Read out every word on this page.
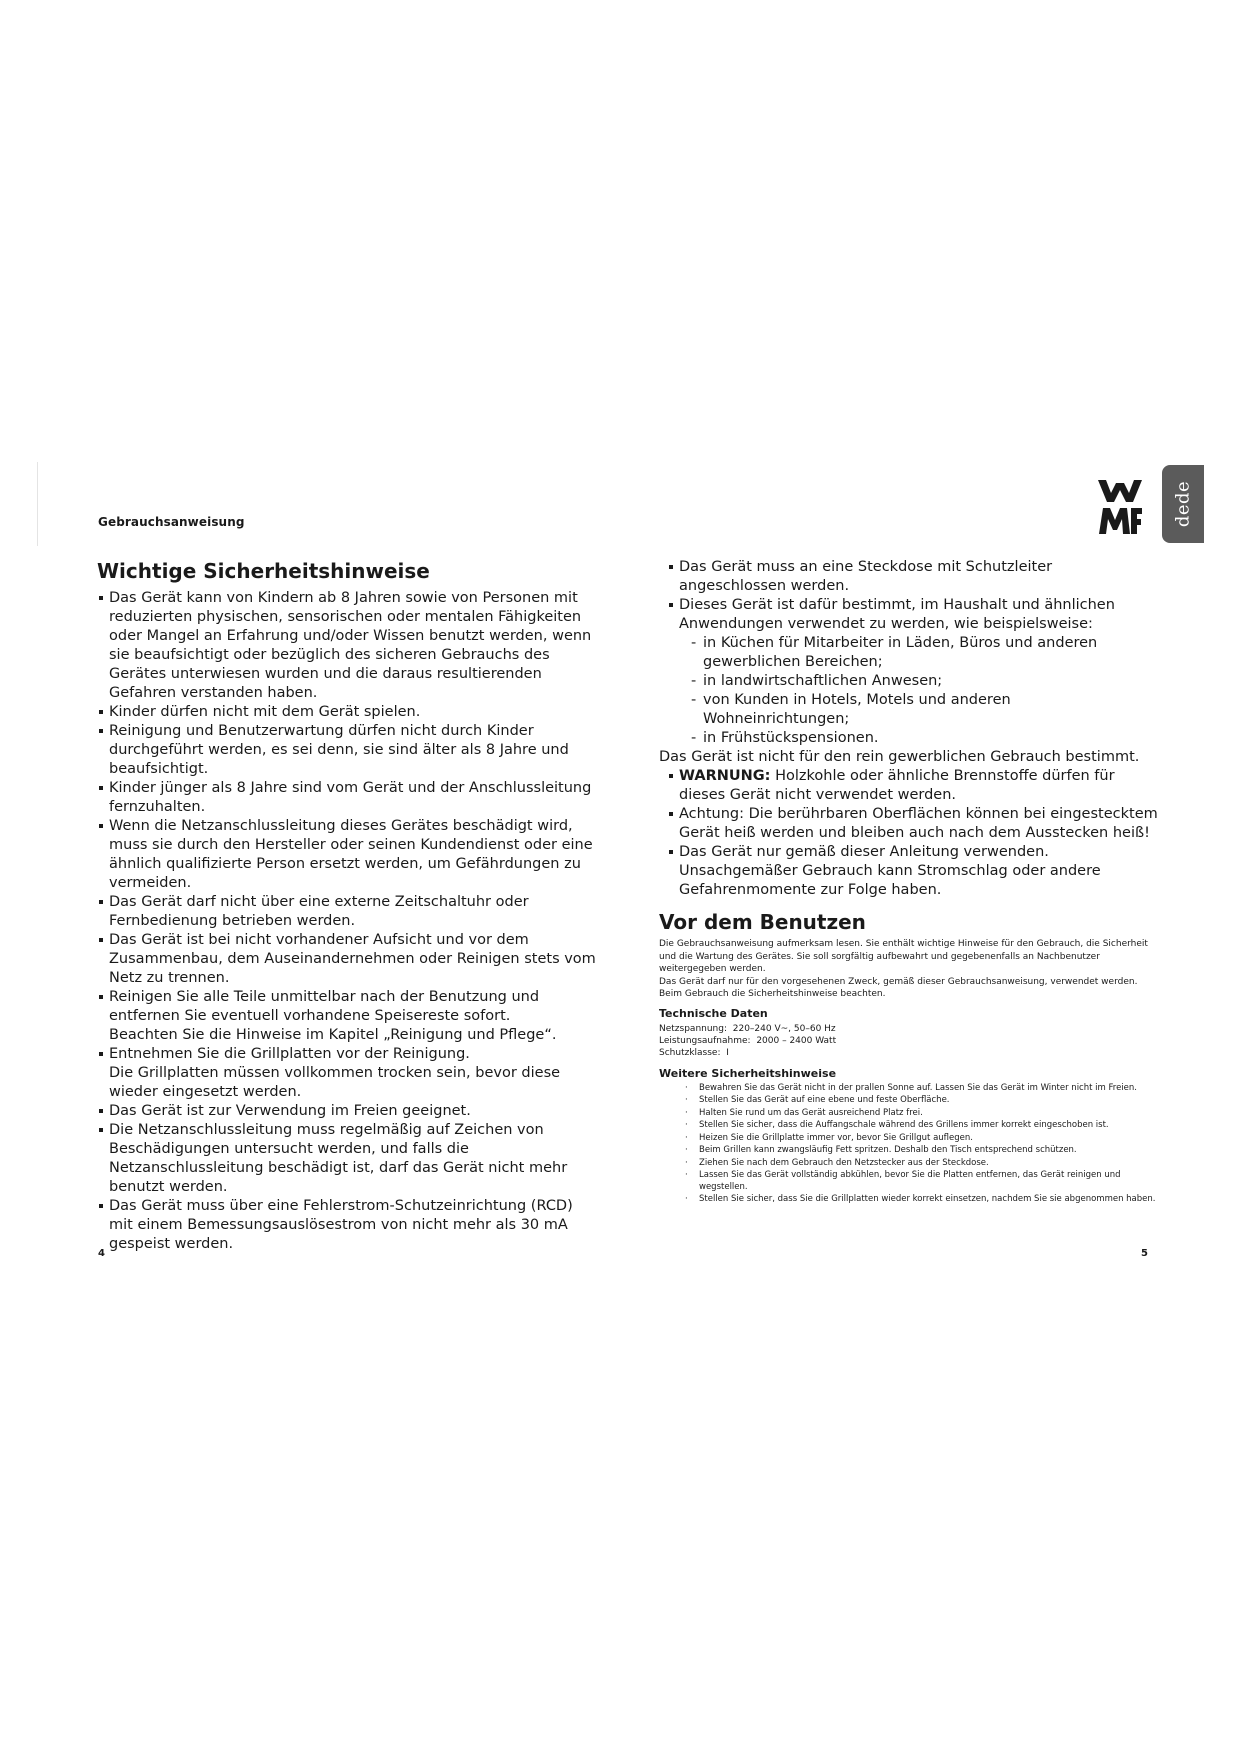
Gebrauchsanweisung	dede
Wichtige Sicherheitshinweise
Das Gerät kann von Kindern ab 8 Jahren sowie von Personen mit reduzierten physischen, sensorischen oder mentalen Fähigkeiten oder Mangel an Erfahrung und/oder Wissen benutzt werden, wenn sie beaufsichtigt oder bezüglich des sicheren Gebrauchs des Gerätes unterwiesen wurden und die daraus resultierenden Gefahren verstanden haben.
Kinder dürfen nicht mit dem Gerät spielen.
Reinigung und Benutzerwartung dürfen nicht durch Kinder durchgeführt werden, es sei denn, sie sind älter als 8 Jahre und beaufsichtigt.
Kinder jünger als 8 Jahre sind vom Gerät und der Anschlussleitung fernzuhalten.
Wenn die Netzanschlussleitung dieses Gerätes beschädigt wird, muss sie durch den Hersteller oder seinen Kundendienst oder eine ähnlich qualifizierte Person ersetzt werden, um Gefährdungen zu vermeiden.
Das Gerät darf nicht über eine externe Zeitschaltuhr oder Fernbedienung betrieben werden.
Das Gerät ist bei nicht vorhandener Aufsicht und vor dem Zusammenbau, dem Auseinandernehmen oder Reinigen stets vom Netz zu trennen.
Reinigen Sie alle Teile unmittelbar nach der Benutzung und entfernen Sie eventuell vorhandene Speisereste sofort.
Beachten Sie die Hinweise im Kapitel „Reinigung und Pflege“.
Entnehmen Sie die Grillplatten vor der Reinigung.
Die Grillplatten müssen vollkommen trocken sein, bevor diese wieder eingesetzt werden.
Das Gerät ist zur Verwendung im Freien geeignet.
Die Netzanschlussleitung muss regelmäßig auf Zeichen von Beschädigungen untersucht werden, und falls die Netzanschlussleitung beschädigt ist, darf das Gerät nicht mehr benutzt werden.
Das Gerät muss über eine Fehlerstrom-Schutzeinrichtung (RCD) mit einem Bemessungsauslösestrom von nicht mehr als 30 mA gespeist werden.
Das Gerät muss an eine Steckdose mit Schutzleiter angeschlossen werden.
Dieses Gerät ist dafür bestimmt, im Haushalt und ähnlichen Anwendungen verwendet zu werden, wie beispielsweise:
- in Küchen für Mitarbeiter in Läden, Büros und anderen gewerblichen Bereichen;
- in landwirtschaftlichen Anwesen;
- von Kunden in Hotels, Motels und anderen Wohneinrichtungen;
- in Frühstückspensionen.

Das Gerät ist nicht für den rein gewerblichen Gebrauch bestimmt.

WARNUNG: Holzkohle oder ähnliche Brennstoffe dürfen für dieses Gerät nicht verwendet werden.
Achtung: Die berührbaren Oberflächen können bei eingestecktem Gerät heiß werden und bleiben auch nach dem Ausstecken heiß!
Das Gerät nur gemäß dieser Anleitung verwenden. Unsachgemäßer Gebrauch kann Stromschlag oder andere Gefahrenmomente zur Folge haben.
Vor dem Benutzen

Die Gebrauchsanweisung aufmerksam lesen. Sie enthält wichtige Hinweise für den Gebrauch, die Sicherheit und die Wartung des Gerätes. Sie soll sorgfältig aufbewahrt und gegebenenfalls an Nachbenutzer weitergegeben werden.

Das Gerät darf nur für den vorgesehenen Zweck, gemäß dieser Gebrauchsanweisung, verwendet werden. Beim Gebrauch die Sicherheitshinweise beachten.

Technische Daten

Netzspannung: 220–240 V~, 50–60 Hz

Leistungsaufnahme: 2000 – 2400 Watt

Schutzklasse: I

Weitere Sicherheitshinweise
· Bewahren Sie das Gerät nicht in der prallen Sonne auf. Lassen Sie das Gerät im Winter nicht im Freien.
· Stellen Sie das Gerät auf eine ebene und feste Oberfläche.
· Halten Sie rund um das Gerät ausreichend Platz frei.
· Stellen Sie sicher, dass die Auffangschale während des Grillens immer korrekt eingeschoben ist.
· Heizen Sie die Grillplatte immer vor, bevor Sie Grillgut auflegen.
· Beim Grillen kann zwangsläufig Fett spritzen. Deshalb den Tisch entsprechend schützen.
· Ziehen Sie nach dem Gebrauch den Netzstecker aus der Steckdose.
· Lassen Sie das Gerät vollständig abkühlen, bevor Sie die Platten entfernen, das Gerät reinigen und wegstellen.
· Stellen Sie sicher, dass Sie die Grillplatten wieder korrekt einsetzen, nachdem Sie sie abgenommen haben.
4	5
